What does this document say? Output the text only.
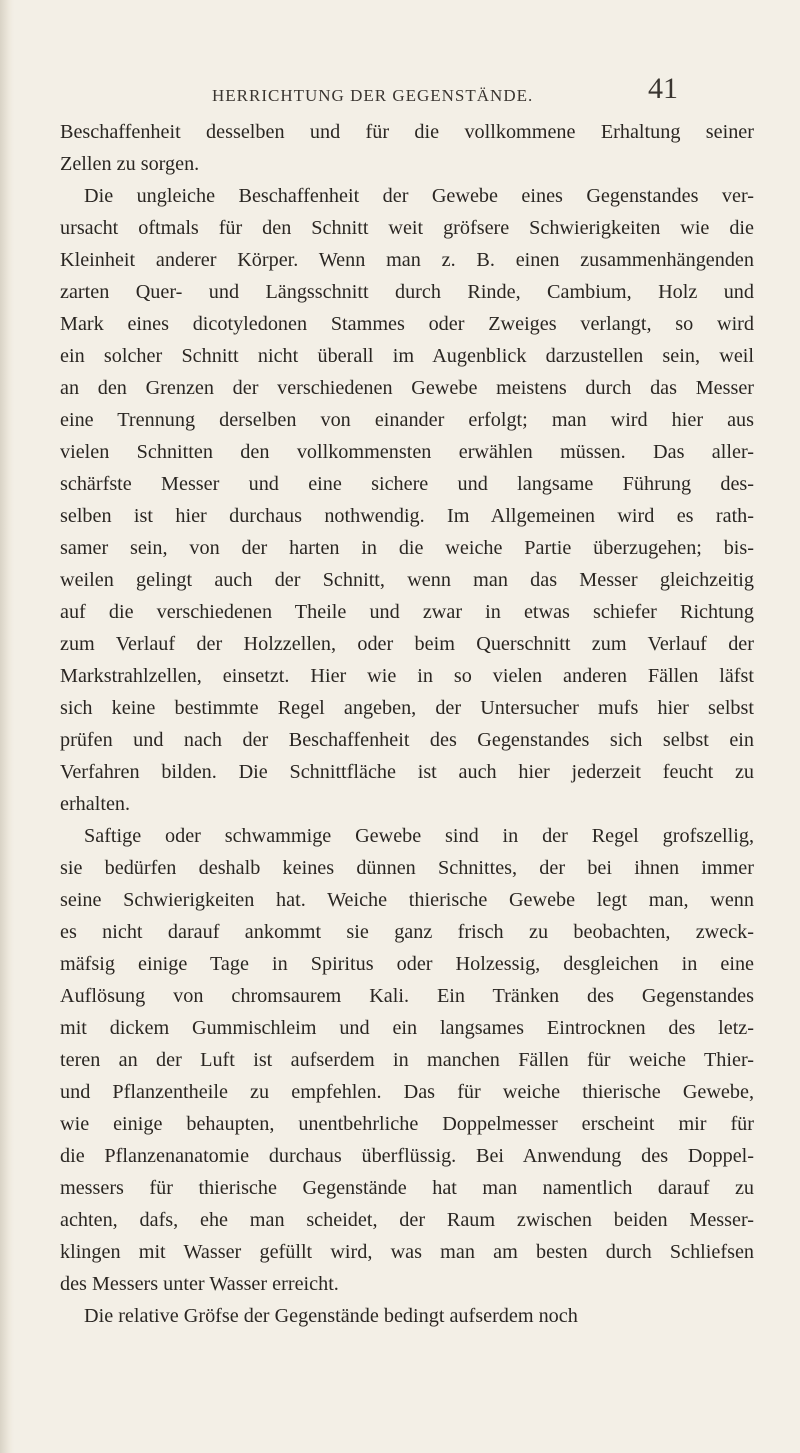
HERRICHTUNG DER GEGENSTÄNDE.	41
Beschaffenheit desselben und für die vollkommene Erhaltung seiner
Zellen zu sorgen.
Die ungleiche Beschaffenheit der Gewebe eines Gegenstandes ver-
ursacht oftmals für den Schnitt weit gröfsere Schwierigkeiten wie die
Kleinheit anderer Körper. Wenn man z. B. einen zusammenhängenden
zarten Quer- und Längsschnitt durch Rinde, Cambium, Holz und
Mark eines dicotyledonen Stammes oder Zweiges verlangt, so wird
ein solcher Schnitt nicht überall im Augenblick darzustellen sein, weil
an den Grenzen der verschiedenen Gewebe meistens durch das Messer
eine Trennung derselben von einander erfolgt; man wird hier aus
vielen Schnitten den vollkommensten erwählen müssen. Das aller-
schärfste Messer und eine sichere und langsame Führung des-
selben ist hier durchaus nothwendig. Im Allgemeinen wird es rath-
samer sein, von der harten in die weiche Partie überzugehen; bis-
weilen gelingt auch der Schnitt, wenn man das Messer gleichzeitig
auf die verschiedenen Theile und zwar in etwas schiefer Richtung
zum Verlauf der Holzzellen, oder beim Querschnitt zum Verlauf der
Markstrahlzellen, einsetzt. Hier wie in so vielen anderen Fällen läfst
sich keine bestimmte Regel angeben, der Untersucher mufs hier selbst
prüfen und nach der Beschaffenheit des Gegenstandes sich selbst ein
Verfahren bilden. Die Schnittfläche ist auch hier jederzeit feucht zu
erhalten.
Saftige oder schwammige Gewebe sind in der Regel grofszellig,
sie bedürfen deshalb keines dünnen Schnittes, der bei ihnen immer
seine Schwierigkeiten hat. Weiche thierische Gewebe legt man, wenn
es nicht darauf ankommt sie ganz frisch zu beobachten, zweck-
mäfsig einige Tage in Spiritus oder Holzessig, desgleichen in eine
Auflösung von chromsaurem Kali. Ein Tränken des Gegenstandes
mit dickem Gummischleim und ein langsames Eintrocknen des letz-
teren an der Luft ist aufserdem in manchen Fällen für weiche Thier-
und Pflanzentheile zu empfehlen. Das für weiche thierische Gewebe,
wie einige behaupten, unentbehrliche Doppelmesser erscheint mir für
die Pflanzenanatomie durchaus überflüssig. Bei Anwendung des Doppel-
messers für thierische Gegenstände hat man namentlich darauf zu
achten, dafs, ehe man scheidet, der Raum zwischen beiden Messer-
klingen mit Wasser gefüllt wird, was man am besten durch Schliefsen
des Messers unter Wasser erreicht.
Die relative Gröfse der Gegenstände bedingt aufserdem noch
